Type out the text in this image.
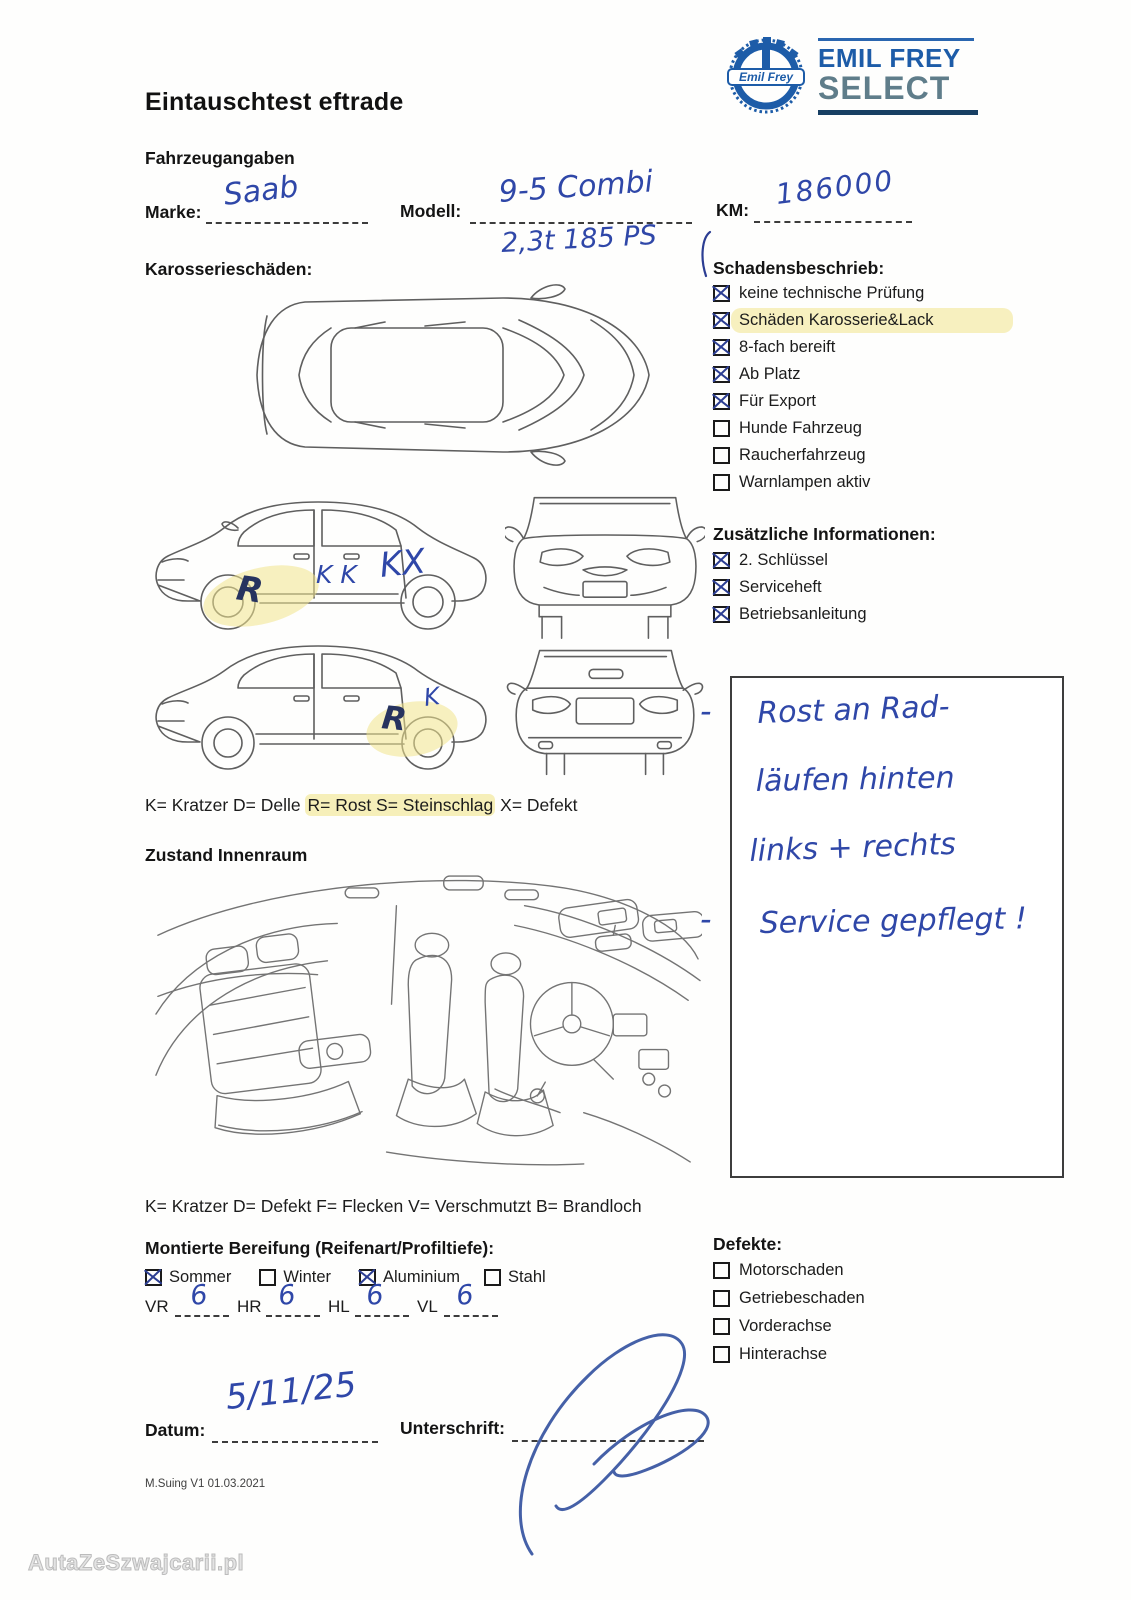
Eintauschtest eftrade
Emil Frey
EMIL FREY
SELECT
Fahrzeugangaben
Marke: Saab	Modell:
9-5 Combi
2,3t 185 PS
KM: 186000
Karosserieschäden:	Schadensbeschrieb:
keine technische Prüfung
Schäden Karosserie&Lack
8-fach bereift
Ab Platz
Für Export
Hunde Fahrzeug
Raucherfahrzeug
Warnlampen aktiv
Zusätzliche Informationen:
2. Schlüssel
Serviceheft
Betriebsanleitung
- Rost an Rad-
läufen hinten
links + rechts
- Service gepflegt !
R K K KX
R
K
K= Kratzer D= Delle R= Rost S= Steinschlag X= Defekt
Zustand Innenraum
K= Kratzer D= Defekt F= Flecken V= Verschmutzt B= Brandloch
Montierte Bereifung (Reifenart/Profiltiefe):
Sommer	Winter	Aluminium	Stahl
VR 6 HR 6 HL 6 VL 6
Defekte:
Motorschaden
Getriebeschaden
Vorderachse
Hinterachse
Datum:
5/11/25
Unterschrift:
M.Suing V1 01.03.2021
AutaZeSzwajcarii.pl
